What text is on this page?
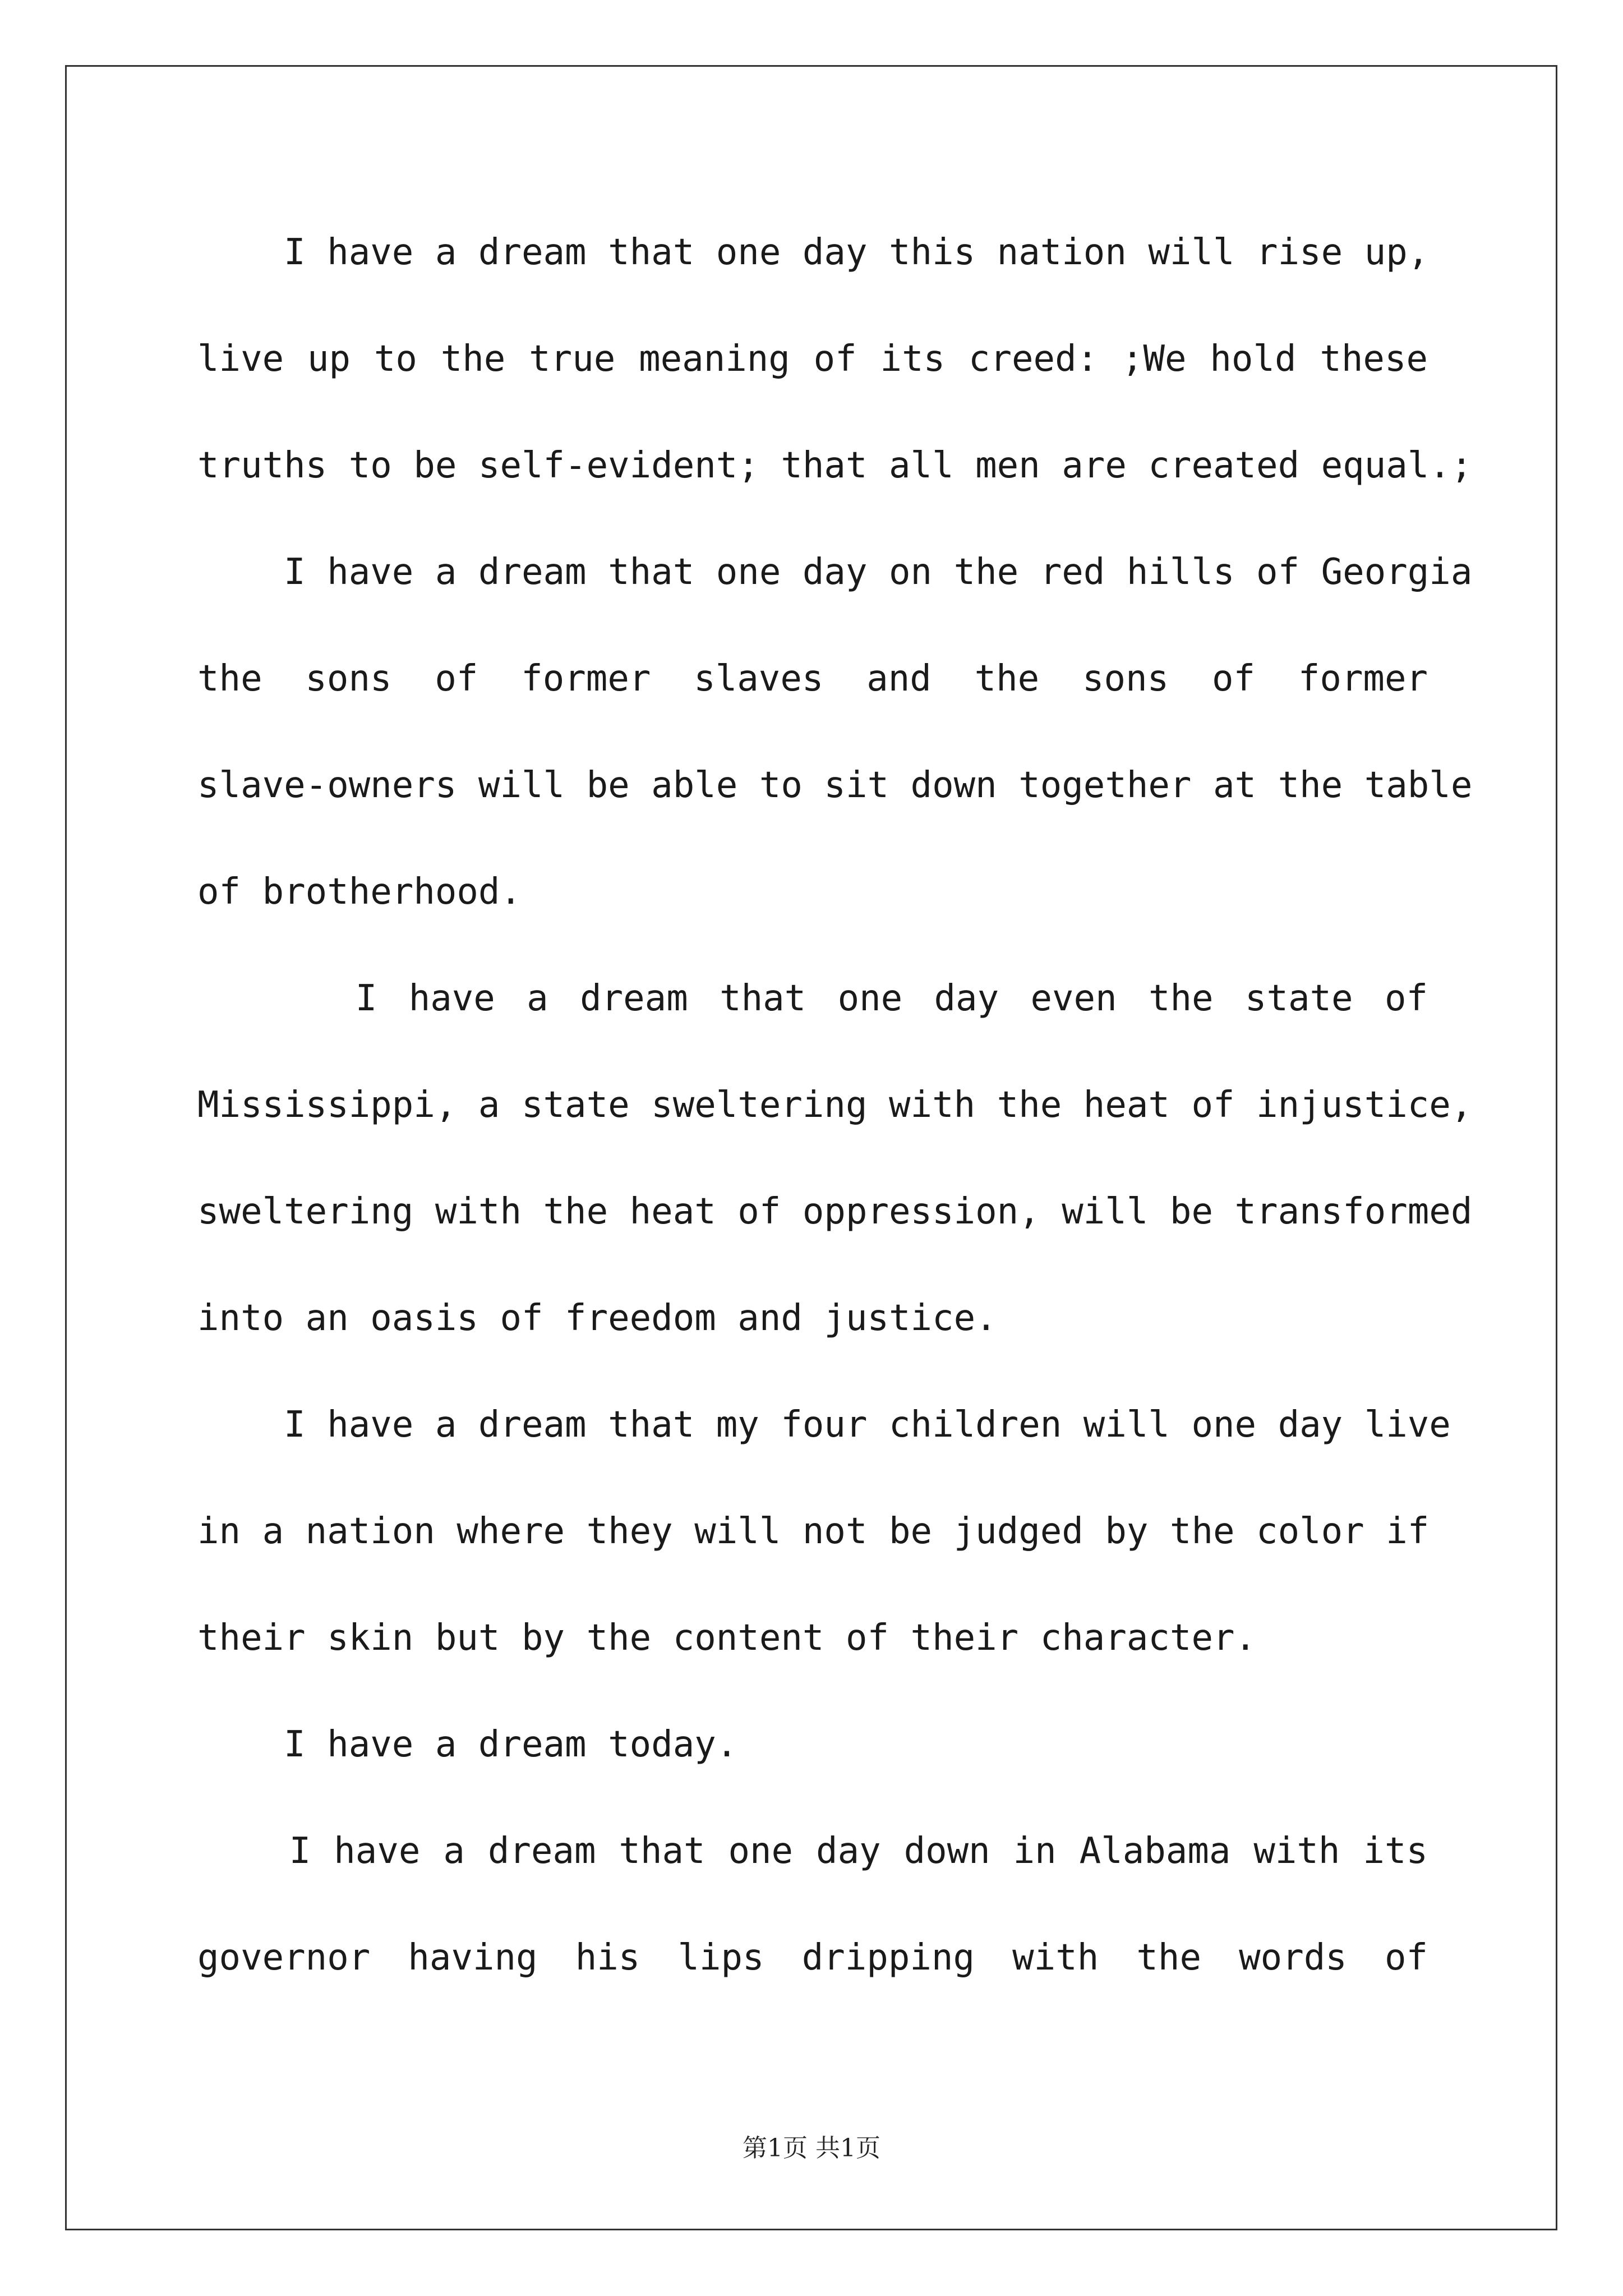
I have a dream that one day this nation will rise up,
live up to the true meaning of its creed: ;We hold these
truths to be self-evident; that all men are created equal.;
I have a dream that one day on the red hills of Georgia
the sons of former slaves and the sons of former
slave-owners will be able to sit down together at the table
of brotherhood.
I have a dream that one day even the state of
Mississippi, a state sweltering with the heat of injustice,
sweltering with the heat of oppression, will be transformed
into an oasis of freedom and justice.
I have a dream that my four children will one day live
in a nation where they will not be judged by the color if
their skin but by the content of their character.
I have a dream today.
I have a dream that one day down in Alabama with its
governor having his lips dripping with the words of
第1页 共1页
